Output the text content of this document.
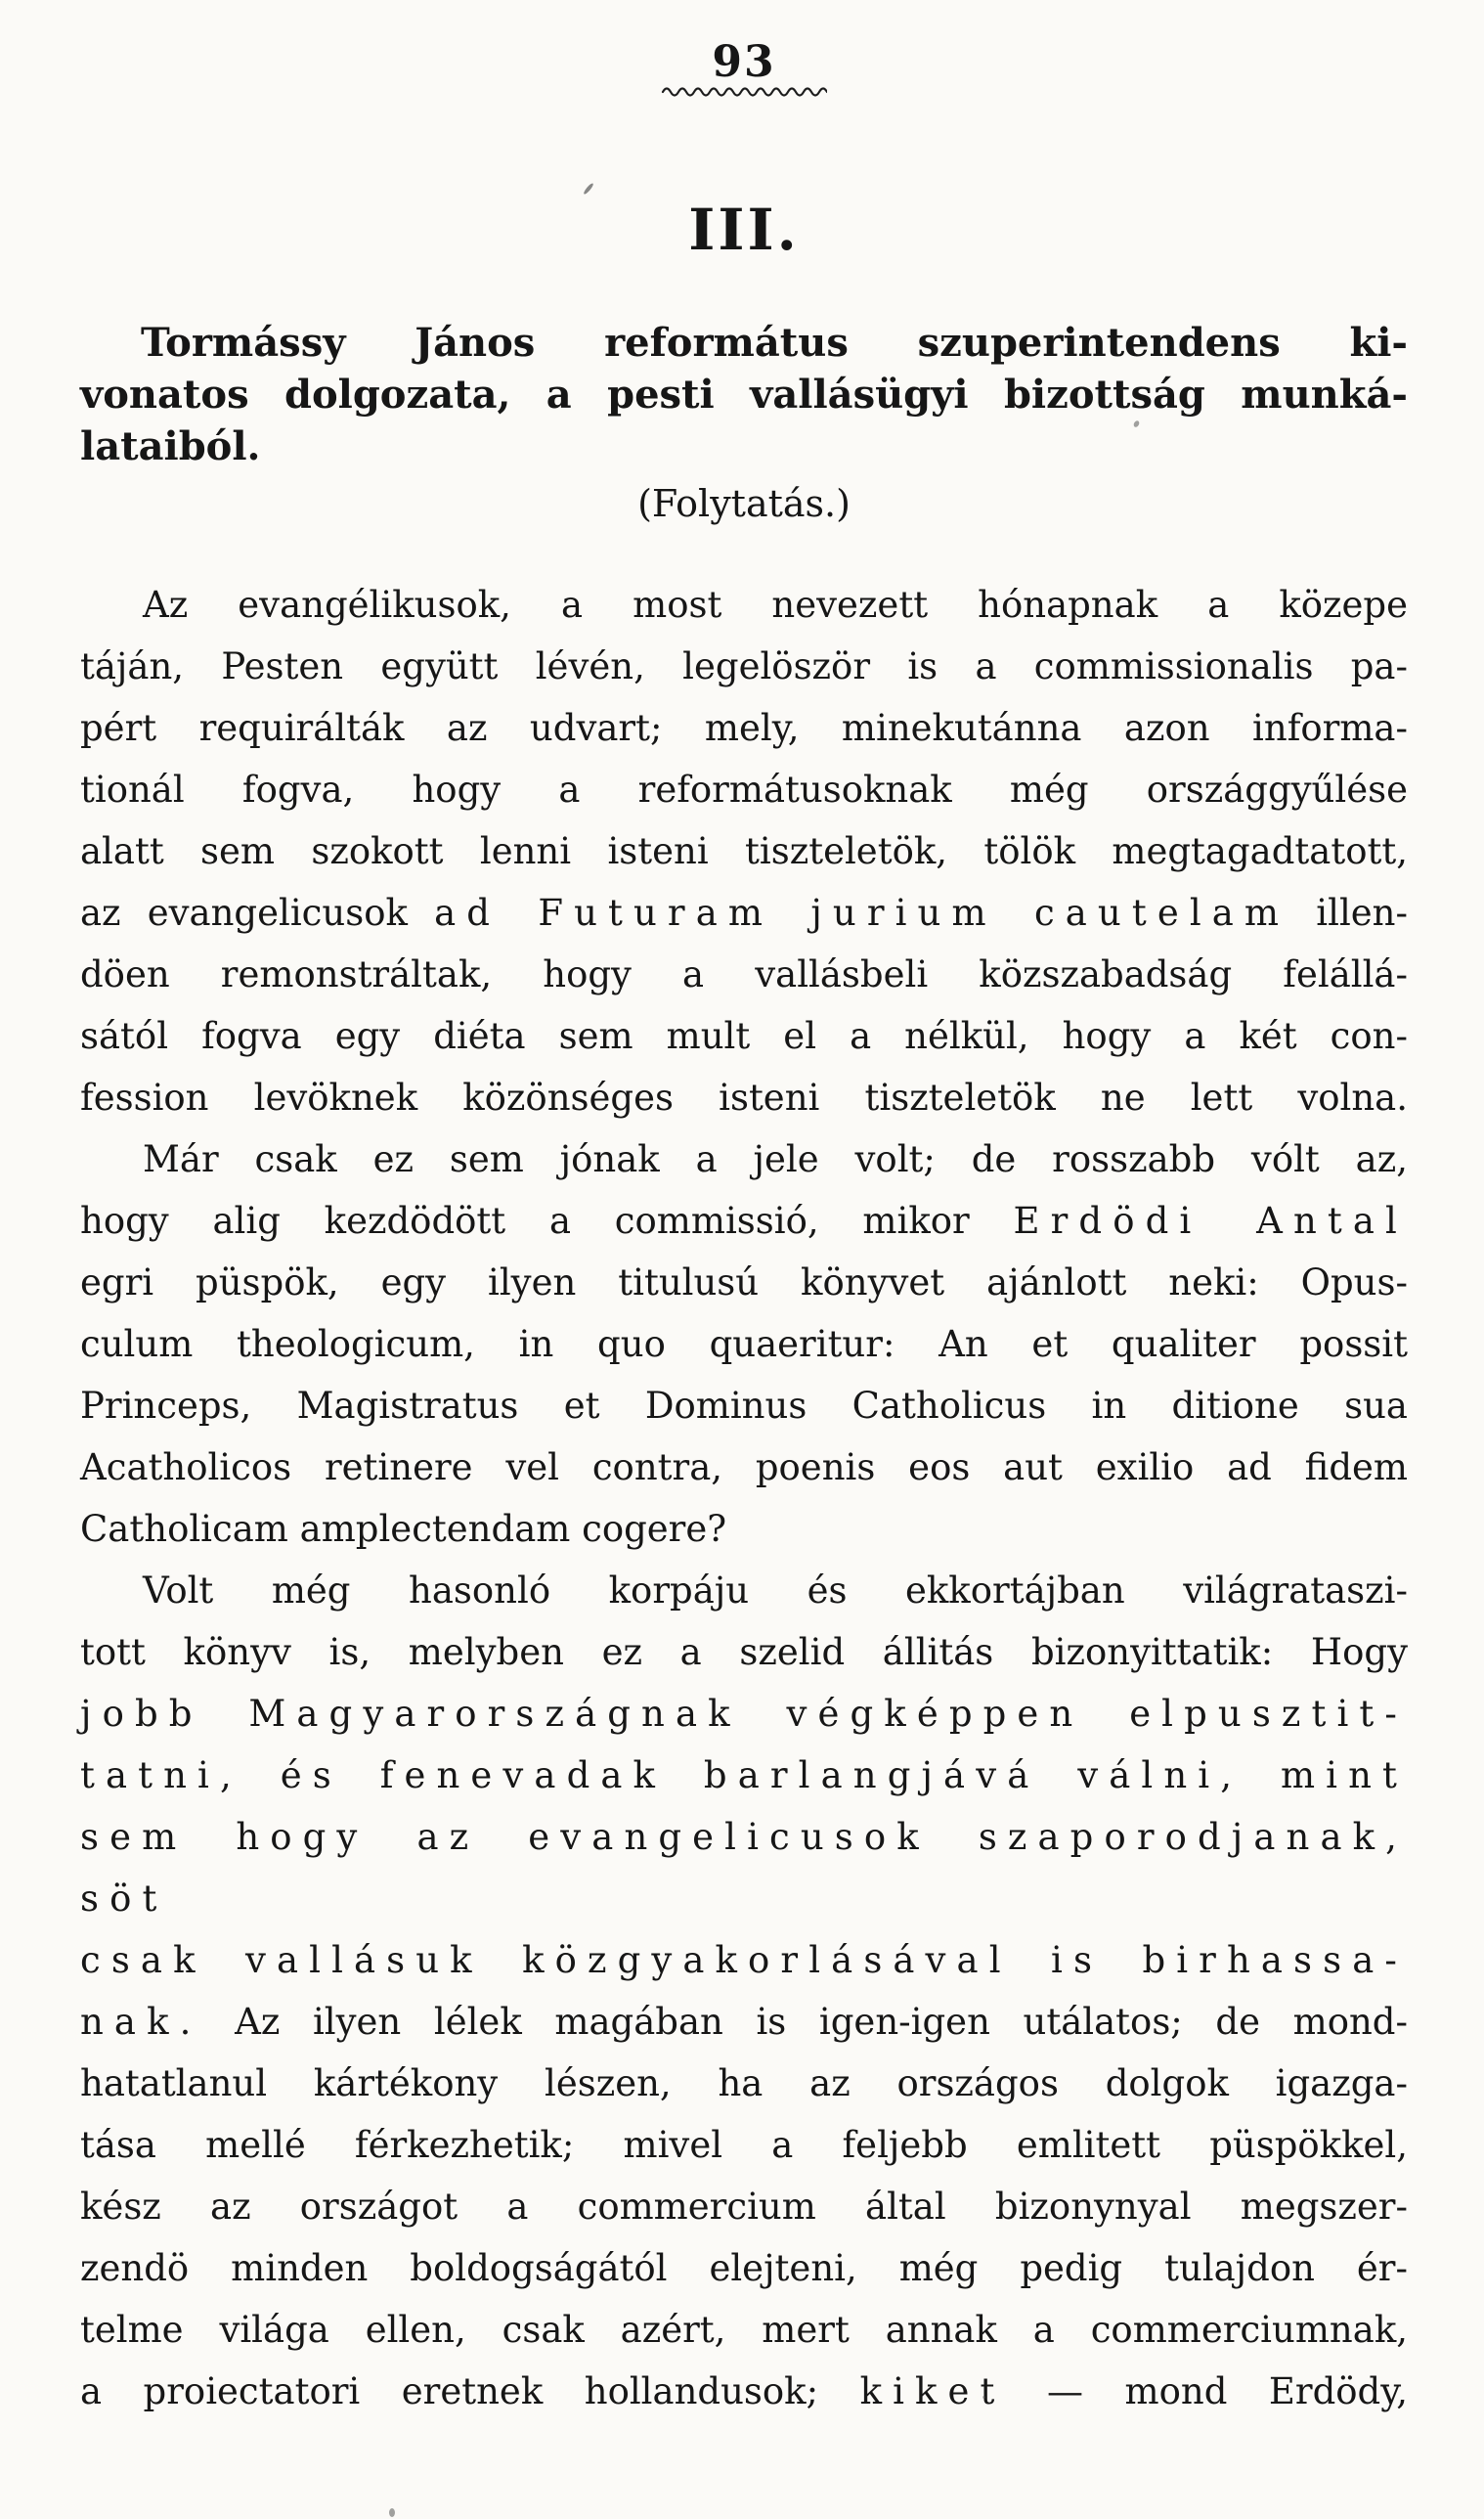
93
III.
Tormássy János református szuperintendens ki-
vonatos dolgozata, a pesti vallásügyi bizottság munká-
lataiból.
(Folytatás.)
Az evangélikusok, a most nevezett hónapnak a közepe
táján, Pesten együtt lévén, legelöször is a commissionalis pa-
pért requirálták az udvart; mely, minekutánna azon informa-
tionál fogva, hogy a reformátusoknak még országgyűlése
alatt sem szokott lenni isteni tiszteletök, tölök megtagadtatott,
az evangelicusok ad Futuram jurium cautelam illen-
döen remonstráltak, hogy a vallásbeli közszabadság felállá-
sától fogva egy diéta sem mult el a nélkül, hogy a két con-
fession levöknek közönséges isteni tiszteletök ne lett volna.
Már csak ez sem jónak a jele volt; de rosszabb vólt az,
hogy alig kezdödött a commissió, mikor Erdödi Antal
egri püspök, egy ilyen titulusú könyvet ajánlott neki: Opus-
culum theologicum, in quo quaeritur: An et qualiter possit
Princeps, Magistratus et Dominus Catholicus in ditione sua
Acatholicos retinere vel contra, poenis eos aut exilio ad fidem
Catholicam amplectendam cogere?
Volt még hasonló korpáju és ekkortájban világrataszi-
tott könyv is, melyben ez a szelid állitás bizonyittatik: Hogy
jobb Magyarországnak végképpen elpusztit-
tatni, és fenevadak barlangjává válni, mint
sem hogy az evangelicusok szaporodjanak, söt
csak vallásuk közgyakorlásával is birhassa-
nak. Az ilyen lélek magában is igen-igen utálatos; de mond-
hatatlanul kártékony lészen, ha az országos dolgok igazga-
tása mellé férkezhetik; mivel a feljebb emlitett püspökkel,
kész az országot a commercium által bizonynyal megszer-
zendö minden boldogságától elejteni, még pedig tulajdon ér-
telme világa ellen, csak azért, mert annak a commerciumnak,
a proiectatori eretnek hollandusok; kiket — mond Erdödy,
